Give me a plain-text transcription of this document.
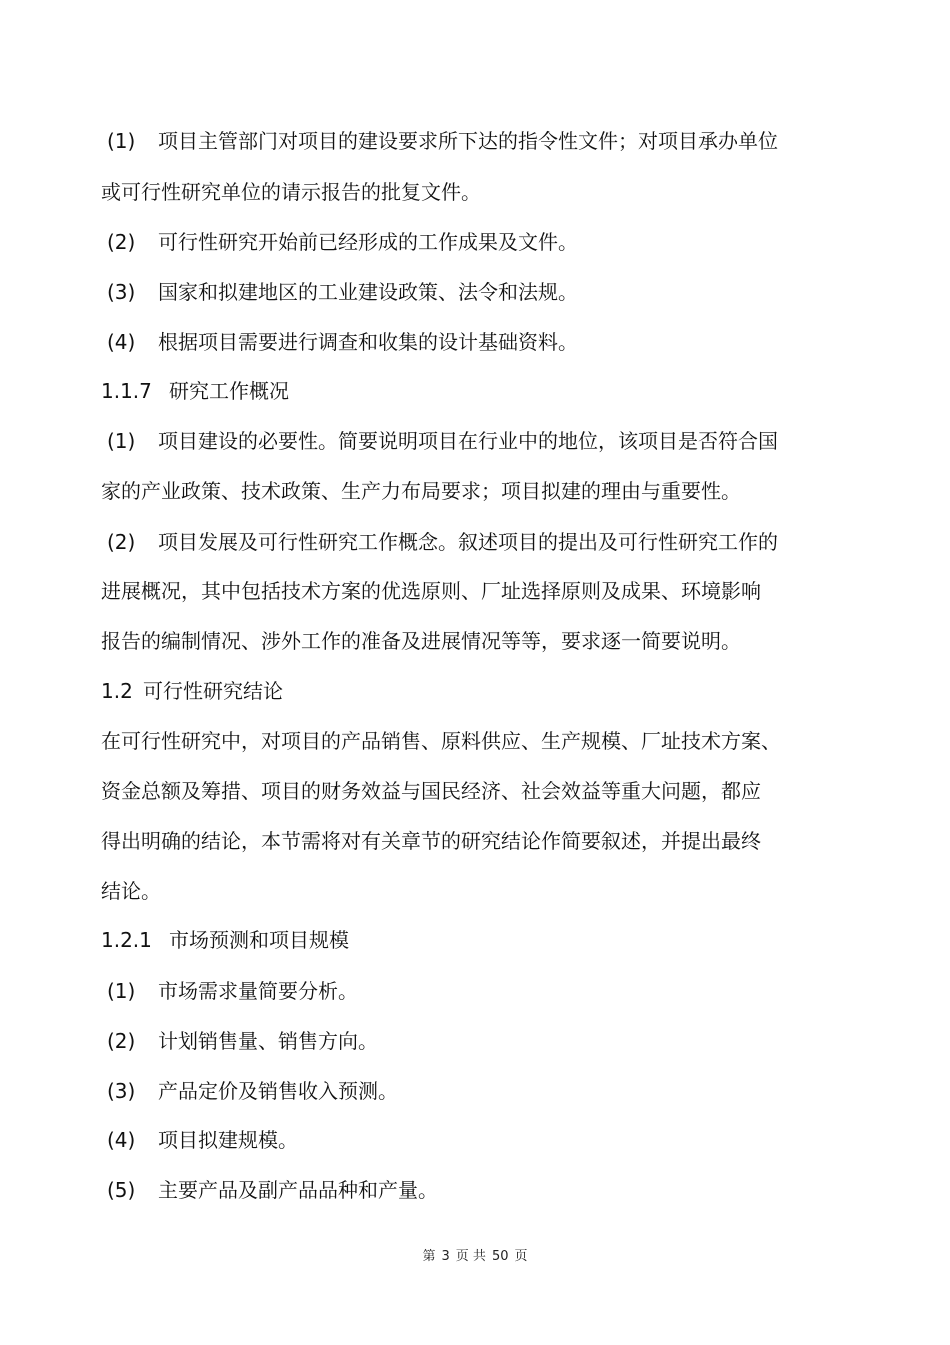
(1) 项目主管部门对项目的建设要求所下达的指令性文件；对项目承办单位
或可行性研究单位的请示报告的批复文件。
(2) 可行性研究开始前已经形成的工作成果及文件。
(3) 国家和拟建地区的工业建设政策、法令和法规。
(4) 根据项目需要进行调查和收集的设计基础资料。
1.1.7 研究工作概况
(1) 项目建设的必要性。简要说明项目在行业中的地位，该项目是否符合国
家的产业政策、技术政策、生产力布局要求；项目拟建的理由与重要性。
(2) 项目发展及可行性研究工作概念。叙述项目的提出及可行性研究工作的
进展概况，其中包括技术方案的优选原则、厂址选择原则及成果、环境影响
报告的编制情况、涉外工作的准备及进展情况等等，要求逐一简要说明。
1.2 可行性研究结论
在可行性研究中，对项目的产品销售、原料供应、生产规模、厂址技术方案、
资金总额及筹措、项目的财务效益与国民经济、社会效益等重大问题，都应
得出明确的结论，本节需将对有关章节的研究结论作简要叙述，并提出最终
结论。
1.2.1 市场预测和项目规模
(1) 市场需求量简要分析。
(2) 计划销售量、销售方向。
(3) 产品定价及销售收入预测。
(4) 项目拟建规模。
(5) 主要产品及副产品品种和产量。
第 3 页 共 50 页
